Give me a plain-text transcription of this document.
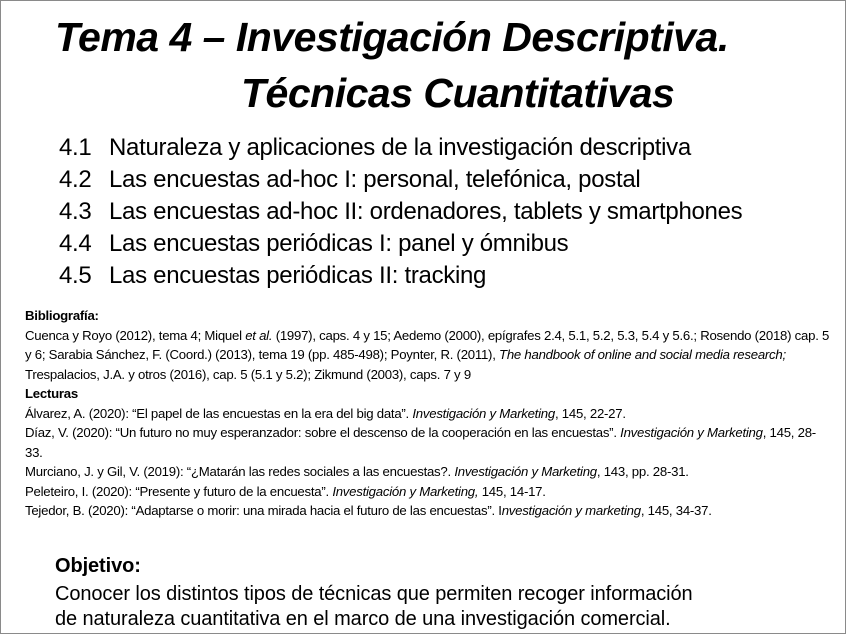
Tema 4 – Investigación Descriptiva.
Técnicas Cuantitativas
4.1 Naturaleza y aplicaciones de la investigación descriptiva
4.2 Las encuestas ad-hoc I: personal, telefónica, postal
4.3 Las encuestas ad-hoc II: ordenadores, tablets y smartphones
4.4 Las encuestas periódicas I: panel y ómnibus
4.5 Las encuestas periódicas II: tracking

Bibliografía:

Cuenca y Royo (2012), tema 4; Miquel et al. (1997), caps. 4 y 15; Aedemo (2000), epígrafes 2.4, 5.1, 5.2, 5.3, 5.4 y 5.6.; Rosendo (2018) cap. 5 y 6; Sarabia Sánchez, F. (Coord.) (2013), tema 19 (pp. 485-498); Poynter, R. (2011), The handbook of online and social media research; Trespalacios, J.A. y otros (2016), cap. 5 (5.1 y 5.2); Zikmund (2003), caps. 7 y 9

Lecturas

Álvarez, A. (2020): “El papel de las encuestas en la era del big data”. Investigación y Marketing, 145, 22-27.

Díaz, V. (2020): “Un futuro no muy esperanzador: sobre el descenso de la cooperación en las encuestas”. Investigación y Marketing, 145, 28-33.

Murciano, J. y Gil, V. (2019): “¿Matarán las redes sociales a las encuestas?. Investigación y Marketing, 143, pp. 28-31.

Peleteiro, I. (2020): “Presente y futuro de la encuesta”. Investigación y Marketing, 145, 14-17.

Tejedor, B. (2020): “Adaptarse o morir: una mirada hacia el futuro de las encuestas”. Investigación y marketing, 145, 34-37.

Objetivo:
Conocer los distintos tipos de técnicas que permiten recoger información
de naturaleza cuantitativa en el marco de una investigación comercial.
